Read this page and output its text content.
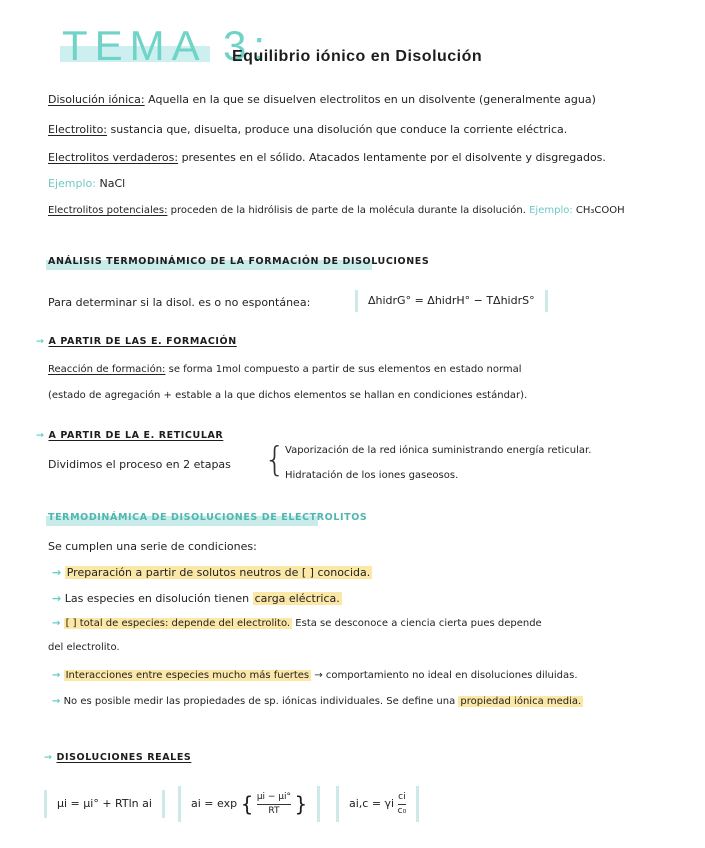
TEMA 3:
Equilibrio iónico en Disolución
Disolución iónica: Aquella en la que se disuelven electrolitos en un disolvente (generalmente agua)
Electrolito: sustancia que, disuelta, produce una disolución que conduce la corriente eléctrica.
Electrolitos verdaderos: presentes en el sólido. Atacados lentamente por el disolvente y disgregados.
Ejemplo: NaCl
Electrolitos potenciales: proceden de la hidrólisis de parte de la molécula durante la disolución. Ejemplo: CH₃COOH
ANÁLISIS TERMODINÁMICO DE LA FORMACIÓN DE DISOLUCIONES
Para determinar si la disol. es o no espontánea:	ΔhidrG° = ΔhidrH° − TΔhidrS°
→ A PARTIR DE LAS E. FORMACIÓN
Reacción de formación: se forma 1mol compuesto a partir de sus elementos en estado normal
(estado de agregación + estable a la que dichos elementos se hallan en condiciones estándar).
→ A PARTIR DE LA E. RETICULAR
Dividimos el proceso en 2 etapas { Vaporización de la red iónica suministrando energía reticular.
Hidratación de los iones gaseosos.
TERMODINÁMICA DE DISOLUCIONES DE ELECTROLITOS
Se cumplen una serie de condiciones:
→ Preparación a partir de solutos neutros de [ ] conocida.
→ Las especies en disolución tienen carga eléctrica.
→ [ ] total de especies: depende del electrolito. Esta se desconoce a ciencia cierta pues depende
del electrolito.
→ Interacciones entre especies mucho más fuertes → comportamiento no ideal en disoluciones diluidas.
→ No es posible medir las propiedades de sp. iónicas individuales. Se define una propiedad iónica media.
→ DISOLUCIONES REALES
μi = μi° + RTln ai	ai = exp { $\frac{\mu i - \mu i^\circ}{RT}$ }	ai,c = γi $\frac{ci}{\text{c₀}}$
